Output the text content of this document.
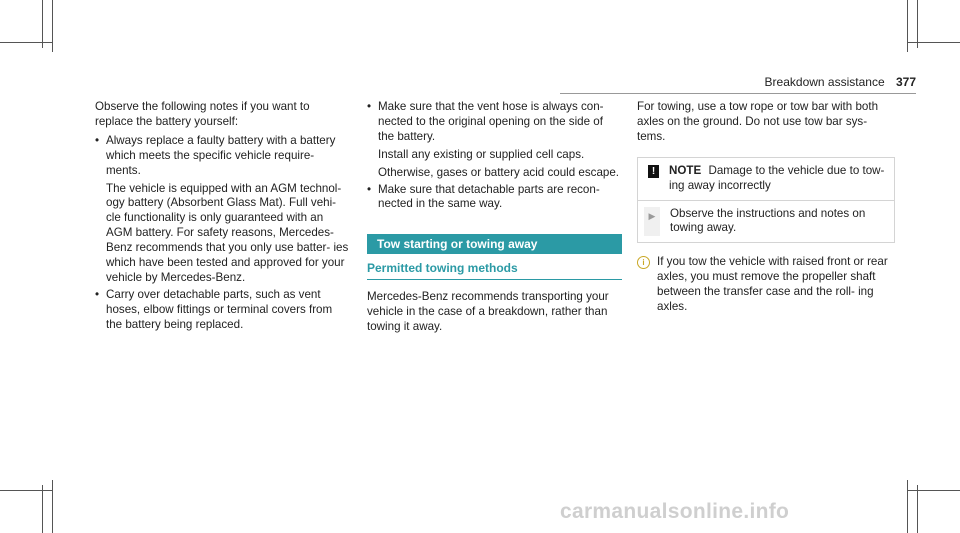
Breakdown assistance 377

Observe the following notes if you want to replace the battery yourself:

• Always replace a faulty battery with a battery which meets the specific vehicle require- ments.
The vehicle is equipped with an AGM technol- ogy battery (Absorbent Glass Mat). Full vehi- cle functionality is only guaranteed with an AGM battery. For safety reasons, Mercedes- Benz recommends that you only use batter- ies which have been tested and approved for your vehicle by Mercedes-Benz.
• Carry over detachable parts, such as vent hoses, elbow fittings or terminal covers from the battery being replaced.
• Make sure that the vent hose is always con- nected to the original opening on the side of the battery.
Install any existing or supplied cell caps.
Otherwise, gases or battery acid could escape.
• Make sure that detachable parts are recon- nected in the same way.
Tow starting or towing away
Permitted towing methods

Mercedes-Benz recommends transporting your vehicle in the case of a breakdown, rather than towing it away.

For towing, use a tow rope or tow bar with both axles on the ground. Do not use tow bar sys- tems.

!	NOTE Damage to the vehicle due to tow- ing away incorrectly
▶	Observe the instructions and notes on towing away.
i	If you tow the vehicle with raised front or rear axles, you must remove the propeller shaft between the transfer case and the roll- ing axles.
carmanualsonline.info
